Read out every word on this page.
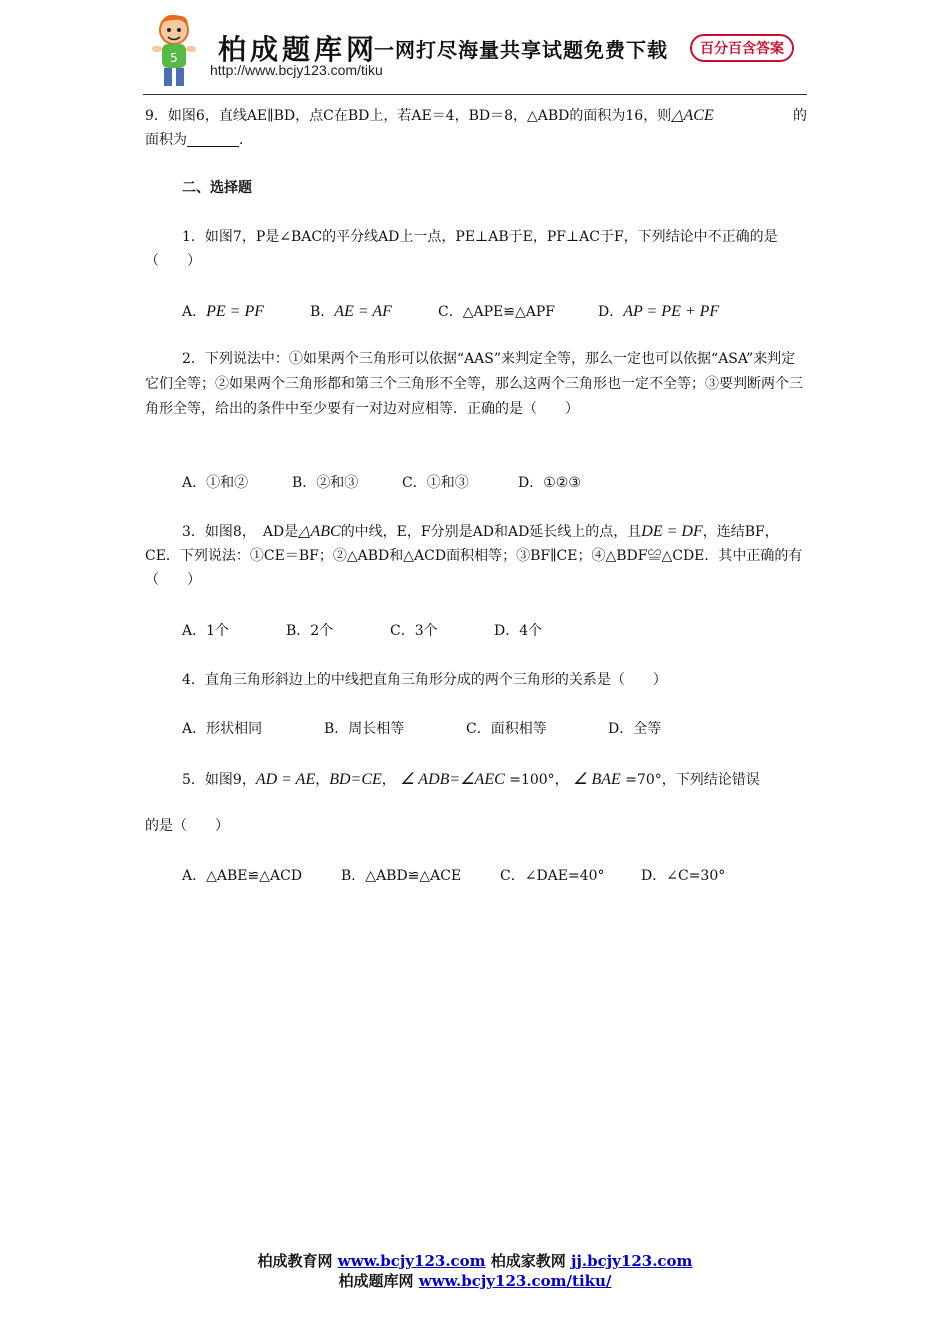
5 柏成题库网
一网打尽海量共享试题免费下载	百分百含答案
http://www.bcjy123.com/tiku
9．如图6，直线AE∥BD，点C在BD上，若AE＝4，BD＝8，△ABD的面积为16，则△ACE	的
面积为	．
二、选择题
1．如图7，P是∠BAC的平分线AD上一点，PE⊥AB于E，PF⊥AC于F，下列结论中不正确的是（　　）
A．PE = PF	B．AE = AF	C．△APE≌△APF	D．AP = PE + PF
2．下列说法中：①如果两个三角形可以依据“AAS”来判定全等，那么一定也可以依据“ASA”来判定它们全等；②如果两个三角形都和第三个三角形不全等，那么这两个三角形也一定不全等；③要判断两个三角形全等，给出的条件中至少要有一对边对应相等．正确的是（　　）
A．①和②	B．②和③	C．①和③	D．①②③
3．如图8，　AD是△ABC的中线，E，F分别是AD和AD延长线上的点，且DE = DF，连结BF，CE．下列说法：①CE＝BF；②△ABD和△ACD面积相等；③BF∥CE；④△BDF≌△CDE．其中正确的有（　　）
A．1个	B．2个	C．3个	D．4个
4．直角三角形斜边上的中线把直角三角形分成的两个三角形的关系是（　　）
A．形状相同	B．周长相等	C．面积相等	D．全等
5．如图9，AD = AE，BD=CE， ∠ ADB=∠AEC =100°， ∠ BAE =70°，下列结论错误
的是（　　）
A．△ABE≌△ACD	B．△ABD≌△ACE	C．∠DAE=40°	D．∠C=30°
柏成教育网 www.bcjy123.com 柏成家教网 jj.bcjy123.com
柏成题库网 www.bcjy123.com/tiku/
